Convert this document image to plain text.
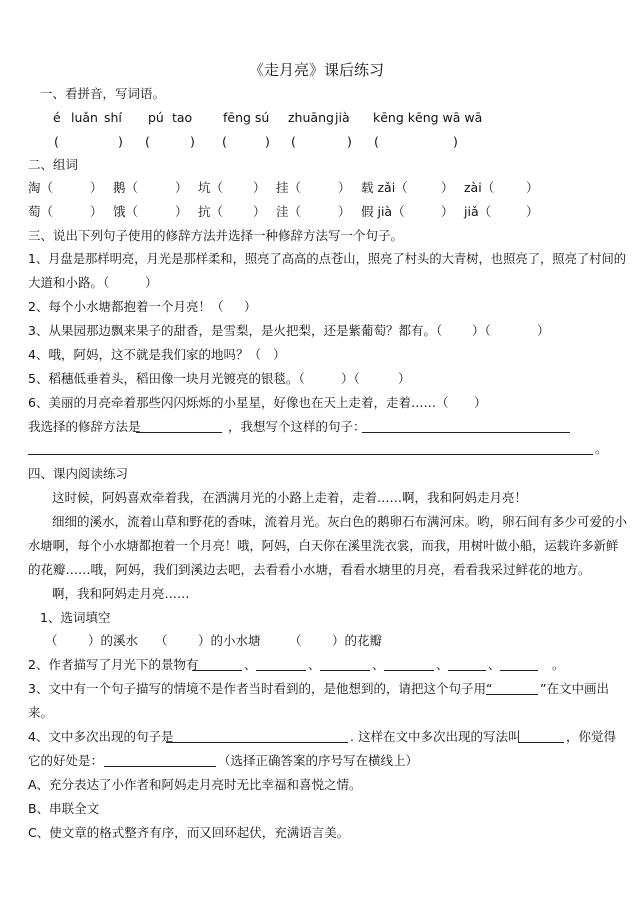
《走月亮》课后练习
一、看拼音，写词语。
é luǎn shí pú tao fēng sú zhuāng jià kēng kēng wā wā
(	) (	) (	) (	) (	)
二、组词
淘（	） 鹅（	） 坑（ ） 挂（	） 载 zǎi（	） zài（	）
萄（	） 饿（	） 抗（ ） 洼（	） 假 jià（	） jiǎ（	）
三、说出下列句子使用的修辞方法并选择一种修辞方法写一个句子。
1、月盘是那样明亮，月光是那样柔和，照亮了高高的点苍山，照亮了村头的大青树，也照亮了，照亮了村间的
大道和小路。（	）
2、每个小水塘都抱着一个月亮！（ ）
3、从果园那边飘来果子的甜香，是雪梨，是火把梨，还是紫葡萄？都有。（ ）（	）
4、哦，阿妈，这不就是我们家的地吗？（ ）
5、稻穗低垂着头，稻田像一块月光镀亮的银毯。（	）（	）
6、美丽的月亮牵着那些闪闪烁烁的小星星，好像也在天上走着，走着……（ ）
我选择的修辞方法是	，我想写个这样的句子：
。
四、课内阅读练习
这时候，阿妈喜欢牵着我，在洒满月光的小路上走着，走着……啊，我和阿妈走月亮！
细细的溪水，流着山草和野花的香味，流着月光。灰白色的鹅卵石布满河床。哟，卵石间有多少可爱的小
水塘啊，每个小水塘都抱着一个月亮！哦，阿妈，白天你在溪里洗衣裳，而我，用树叶做小船，运载许多新鲜
的花瓣……哦，阿妈，我们到溪边去吧，去看看小水塘，看看水塘里的月亮，看看我采过鲜花的地方。
啊，我和阿妈走月亮……
1、选词填空
（ ）的溪水 （ ）的小水塘 （ ）的花瓣
2、作者描写了月光下的景物有	、	、	、	、	、	。
3、文中有一个句子描写的情境不是作者当时看到的，是他想到的，请把这个句子用“	”在文中画出
来。
4、文中多次出现的句子是	. 这样在文中多次出现的写法叫	，你觉得
它的好处是：	（选择正确答案的序号写在横线上）
A、充分表达了小作者和阿妈走月亮时无比幸福和喜悦之情。
B、串联全文
C、使文章的格式整齐有序，而又回环起伏，充满语言美。
